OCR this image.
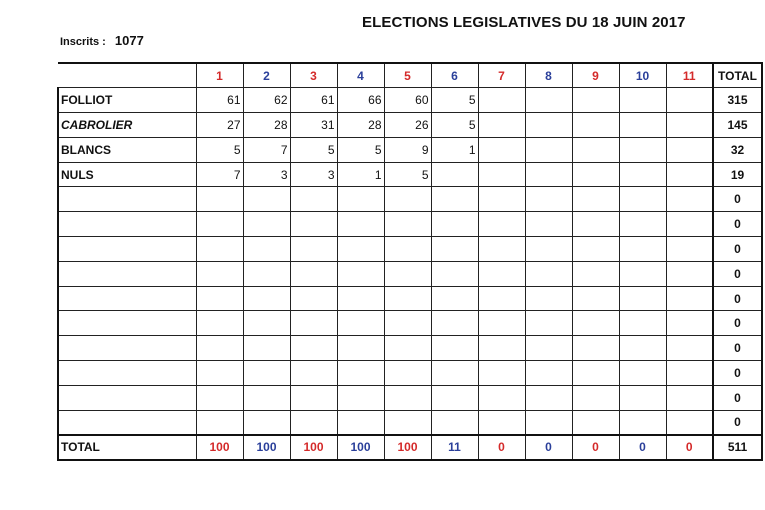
ELECTIONS LEGISLATIVES DU 18 JUIN 2017
Inscrits : 1077
	1	2	3	4	5	6	7	8	9	10	11	TOTAL
FOLLIOT	61	62	61	66	60	5						315
CABROLIER	27	28	31	28	26	5						145
BLANCS	5	7	5	5	9	1						32
NULS	7	3	3	1	5							19
												0
												0
												0
												0
												0
												0
												0
												0
												0
												0
TOTAL	100	100	100	100	100	11	0	0	0	0	0	511
